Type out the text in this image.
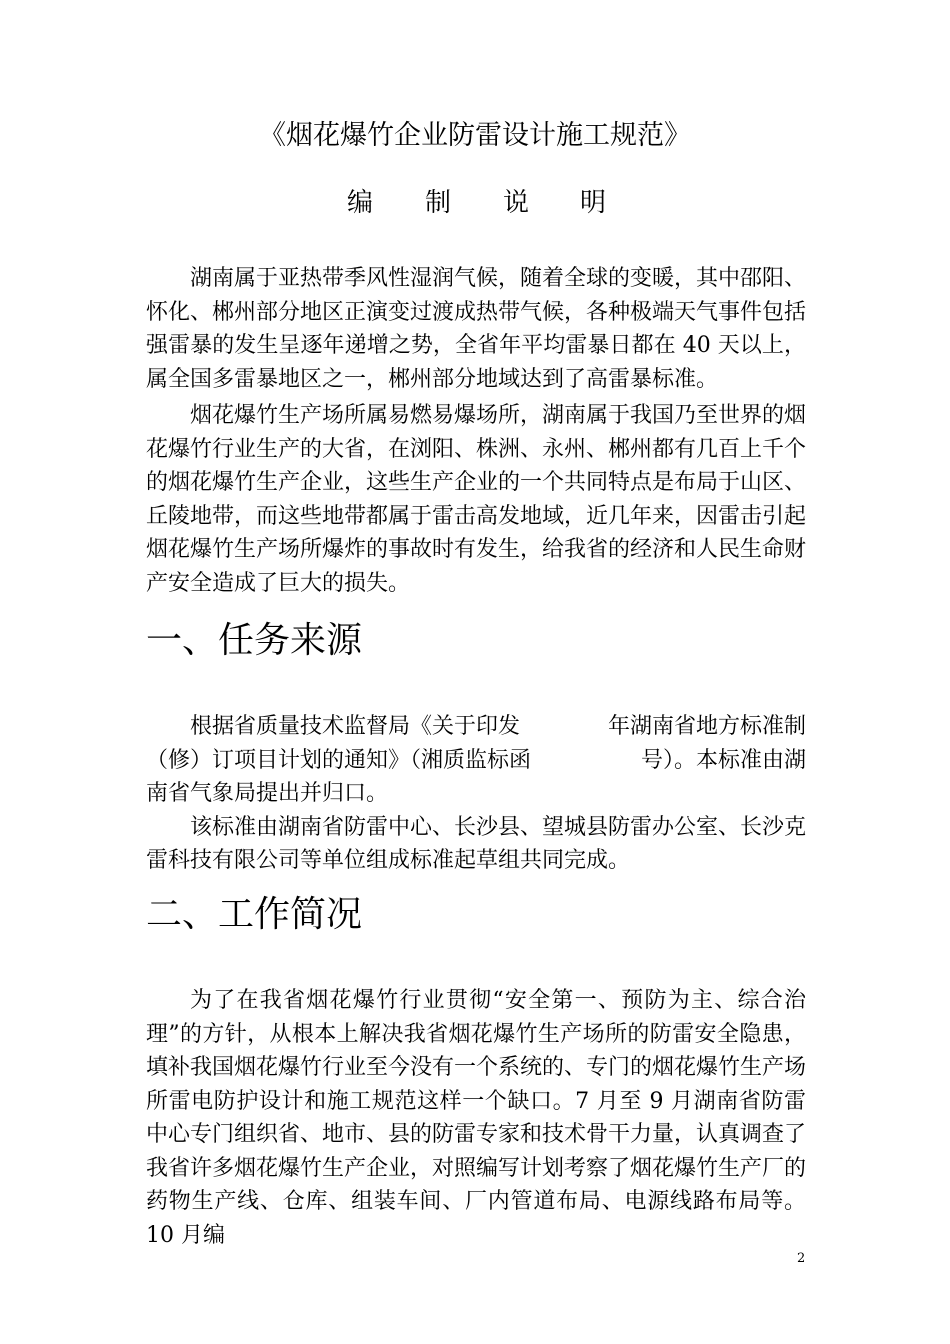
《烟花爆竹企业防雷设计施工规范》
编 制 说 明

湖南属于亚热带季风性湿润气候，随着全球的变暖，其中邵阳、怀化、郴州部分地区正演变过渡成热带气候，各种极端天气事件包括强雷暴的发生呈逐年递增之势，全省年平均雷暴日都在 40 天以上，属全国多雷暴地区之一，郴州部分地域达到了高雷暴标准。

烟花爆竹生产场所属易燃易爆场所，湖南属于我国乃至世界的烟花爆竹行业生产的大省，在浏阳、株洲、永州、郴州都有几百上千个的烟花爆竹生产企业，这些生产企业的一个共同特点是布局于山区、丘陵地带，而这些地带都属于雷击高发地域，近几年来，因雷击引起烟花爆竹生产场所爆炸的事故时有发生，给我省的经济和人民生命财产安全造成了巨大的损失。

一、任务来源
根据省质量技术监督局《关于印发	年湖南省地方标准制
（修）订项目计划的通知》（湘质监标函	号）。本标准由湖
南省气象局提出并归口。

该标准由湖南省防雷中心、长沙县、望城县防雷办公室、长沙克雷科技有限公司等单位组成标准起草组共同完成。

二、工作简况

为了在我省烟花爆竹行业贯彻“安全第一、预防为主、综合治理”的方针，从根本上解决我省烟花爆竹生产场所的防雷安全隐患，填补我国烟花爆竹行业至今没有一个系统的、专门的烟花爆竹生产场所雷电防护设计和施工规范这样一个缺口。7 月至 9 月湖南省防雷中心专门组织省、地市、县的防雷专家和技术骨干力量，认真调查了我省许多烟花爆竹生产企业，对照编写计划考察了烟花爆竹生产厂的药物生产线、仓库、组装车间、厂内管道布局、电源线路布局等。10 月编

2
